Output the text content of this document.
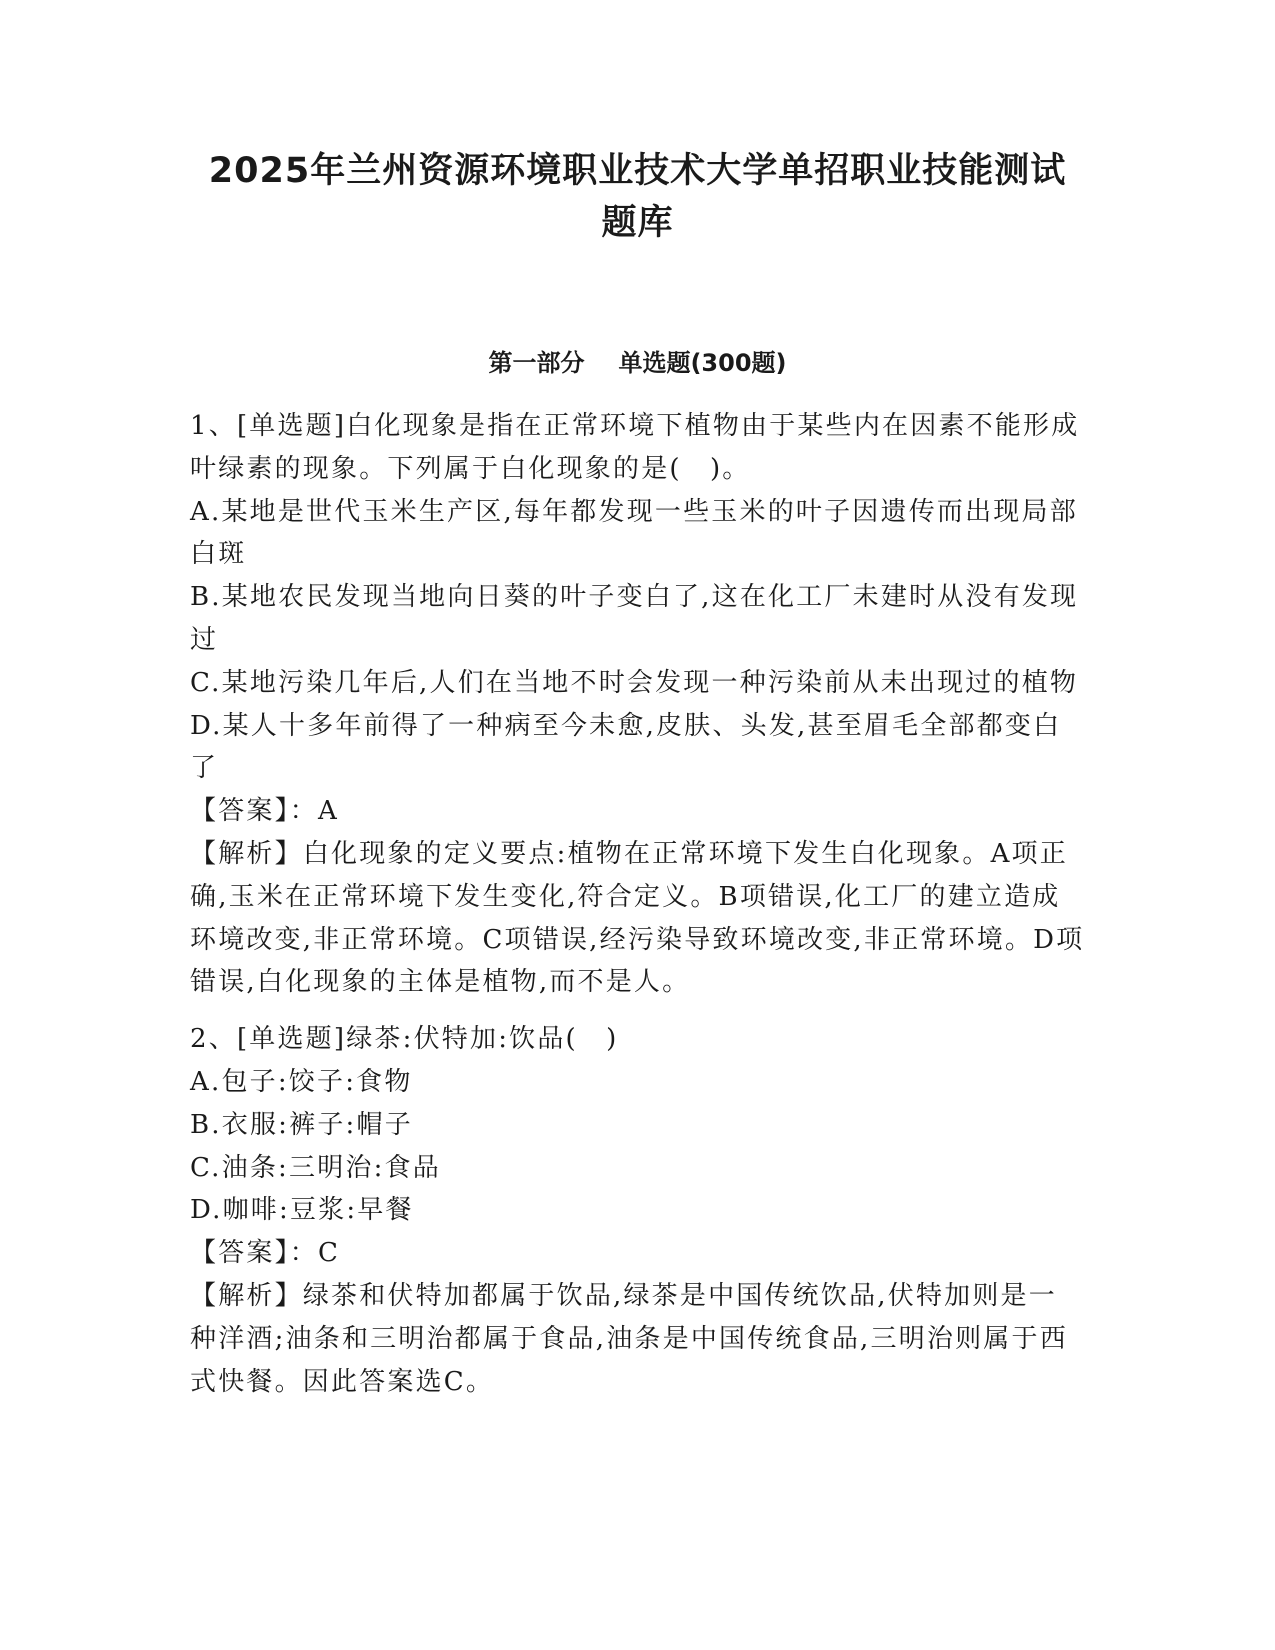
2025年兰州资源环境职业技术大学单招职业技能测试
题库
第一部分 单选题(300题)

1、[单选题]白化现象是指在正常环境下植物由于某些内在因素不能形成叶绿素的现象。下列属于白化现象的是(　)。

A.某地是世代玉米生产区,每年都发现一些玉米的叶子因遗传而出现局部白斑

B.某地农民发现当地向日葵的叶子变白了,这在化工厂未建时从没有发现过

C.某地污染几年后,人们在当地不时会发现一种污染前从未出现过的植物

D.某人十多年前得了一种病至今未愈,皮肤、头发,甚至眉毛全部都变白了

【答案】：A

【解析】白化现象的定义要点:植物在正常环境下发生白化现象。A项正确,玉米在正常环境下发生变化,符合定义。B项错误,化工厂的建立造成环境改变,非正常环境。C项错误,经污染导致环境改变,非正常环境。D项错误,白化现象的主体是植物,而不是人。

2、[单选题]绿茶:伏特加:饮品(　)

A.包子:饺子:食物

B.衣服:裤子:帽子

C.油条:三明治:食品

D.咖啡:豆浆:早餐

【答案】：C

【解析】绿茶和伏特加都属于饮品,绿茶是中国传统饮品,伏特加则是一种洋酒;油条和三明治都属于食品,油条是中国传统食品,三明治则属于西式快餐。因此答案选C。
